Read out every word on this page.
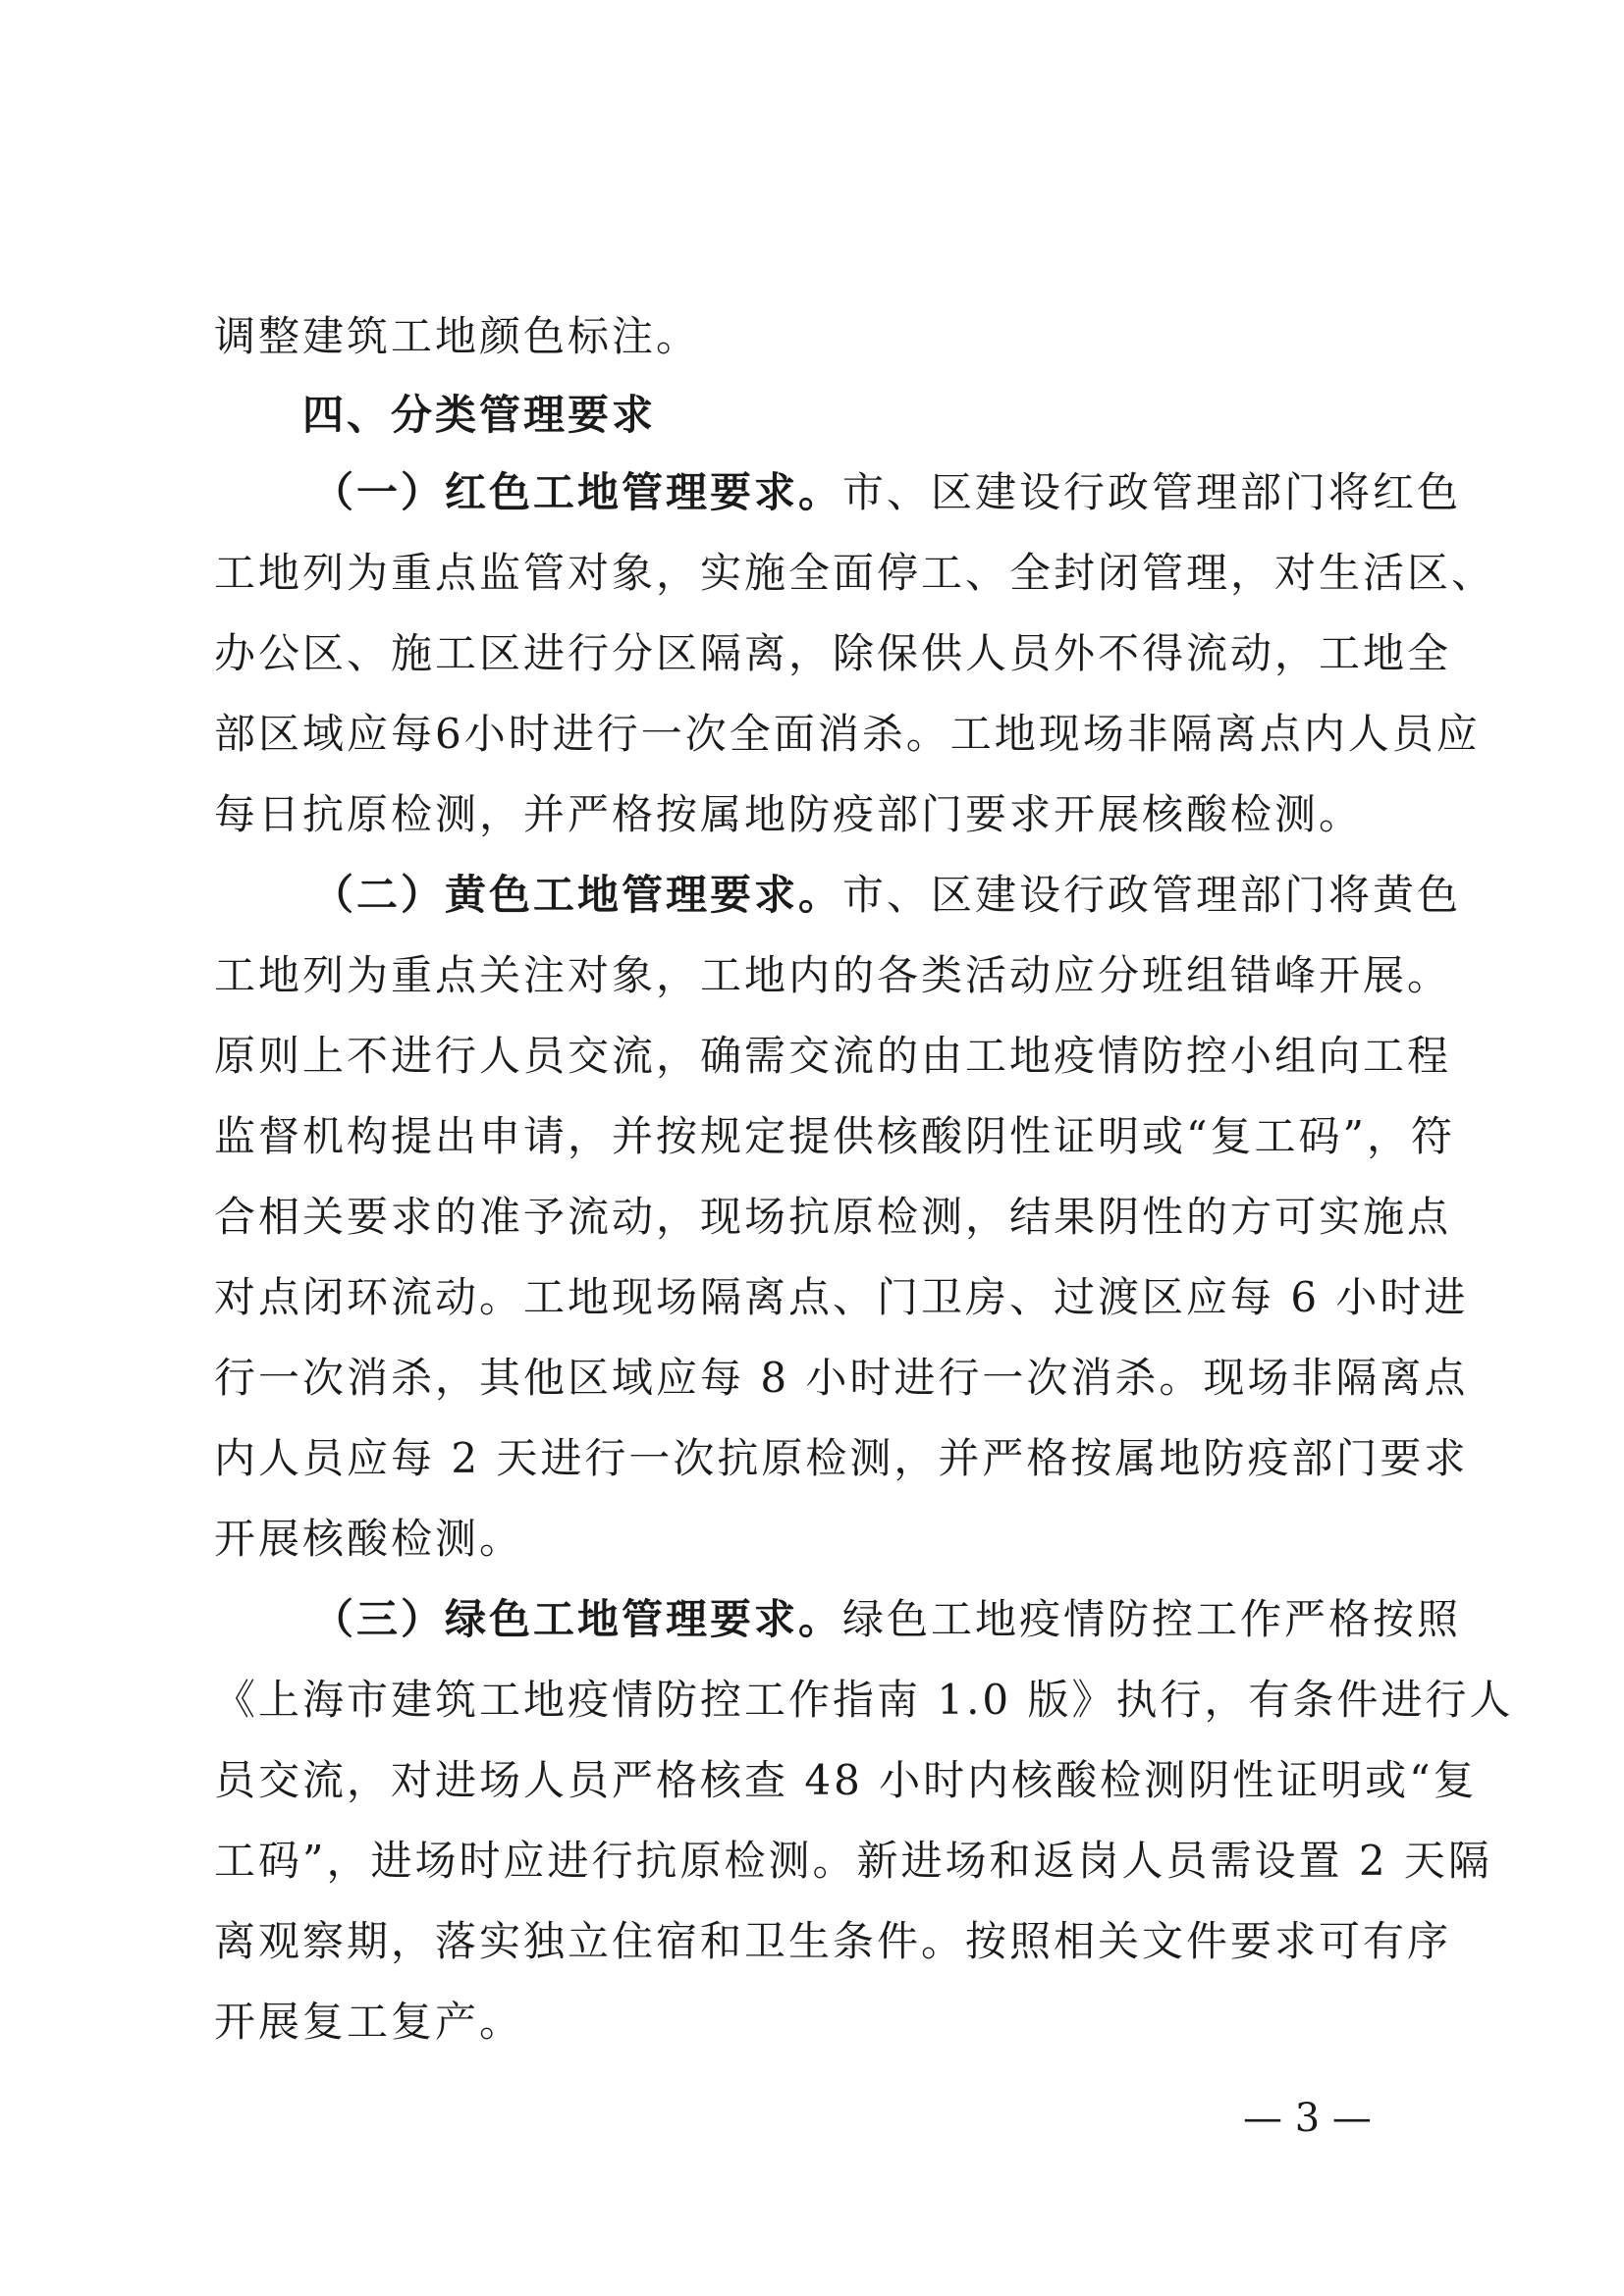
调整建筑工地颜色标注。
四、分类管理要求
（一）红色工地管理要求。市、区建设行政管理部门将红色
工地列为重点监管对象，实施全面停工、全封闭管理，对生活区、
办公区、施工区进行分区隔离，除保供人员外不得流动，工地全
部区域应每6小时进行一次全面消杀。工地现场非隔离点内人员应
每日抗原检测，并严格按属地防疫部门要求开展核酸检测。
（二）黄色工地管理要求。市、区建设行政管理部门将黄色
工地列为重点关注对象，工地内的各类活动应分班组错峰开展。
原则上不进行人员交流，确需交流的由工地疫情防控小组向工程
监督机构提出申请，并按规定提供核酸阴性证明或“复工码”，符
合相关要求的准予流动，现场抗原检测，结果阴性的方可实施点
对点闭环流动。工地现场隔离点、门卫房、过渡区应每 6 小时进
行一次消杀，其他区域应每 8 小时进行一次消杀。现场非隔离点
内人员应每 2 天进行一次抗原检测，并严格按属地防疫部门要求
开展核酸检测。
（三）绿色工地管理要求。绿色工地疫情防控工作严格按照
《上海市建筑工地疫情防控工作指南 1.0 版》执行，有条件进行人
员交流，对进场人员严格核查 48 小时内核酸检测阴性证明或“复
工码”，进场时应进行抗原检测。新进场和返岗人员需设置 2 天隔
离观察期，落实独立住宿和卫生条件。按照相关文件要求可有序
开展复工复产。
— 3 —
